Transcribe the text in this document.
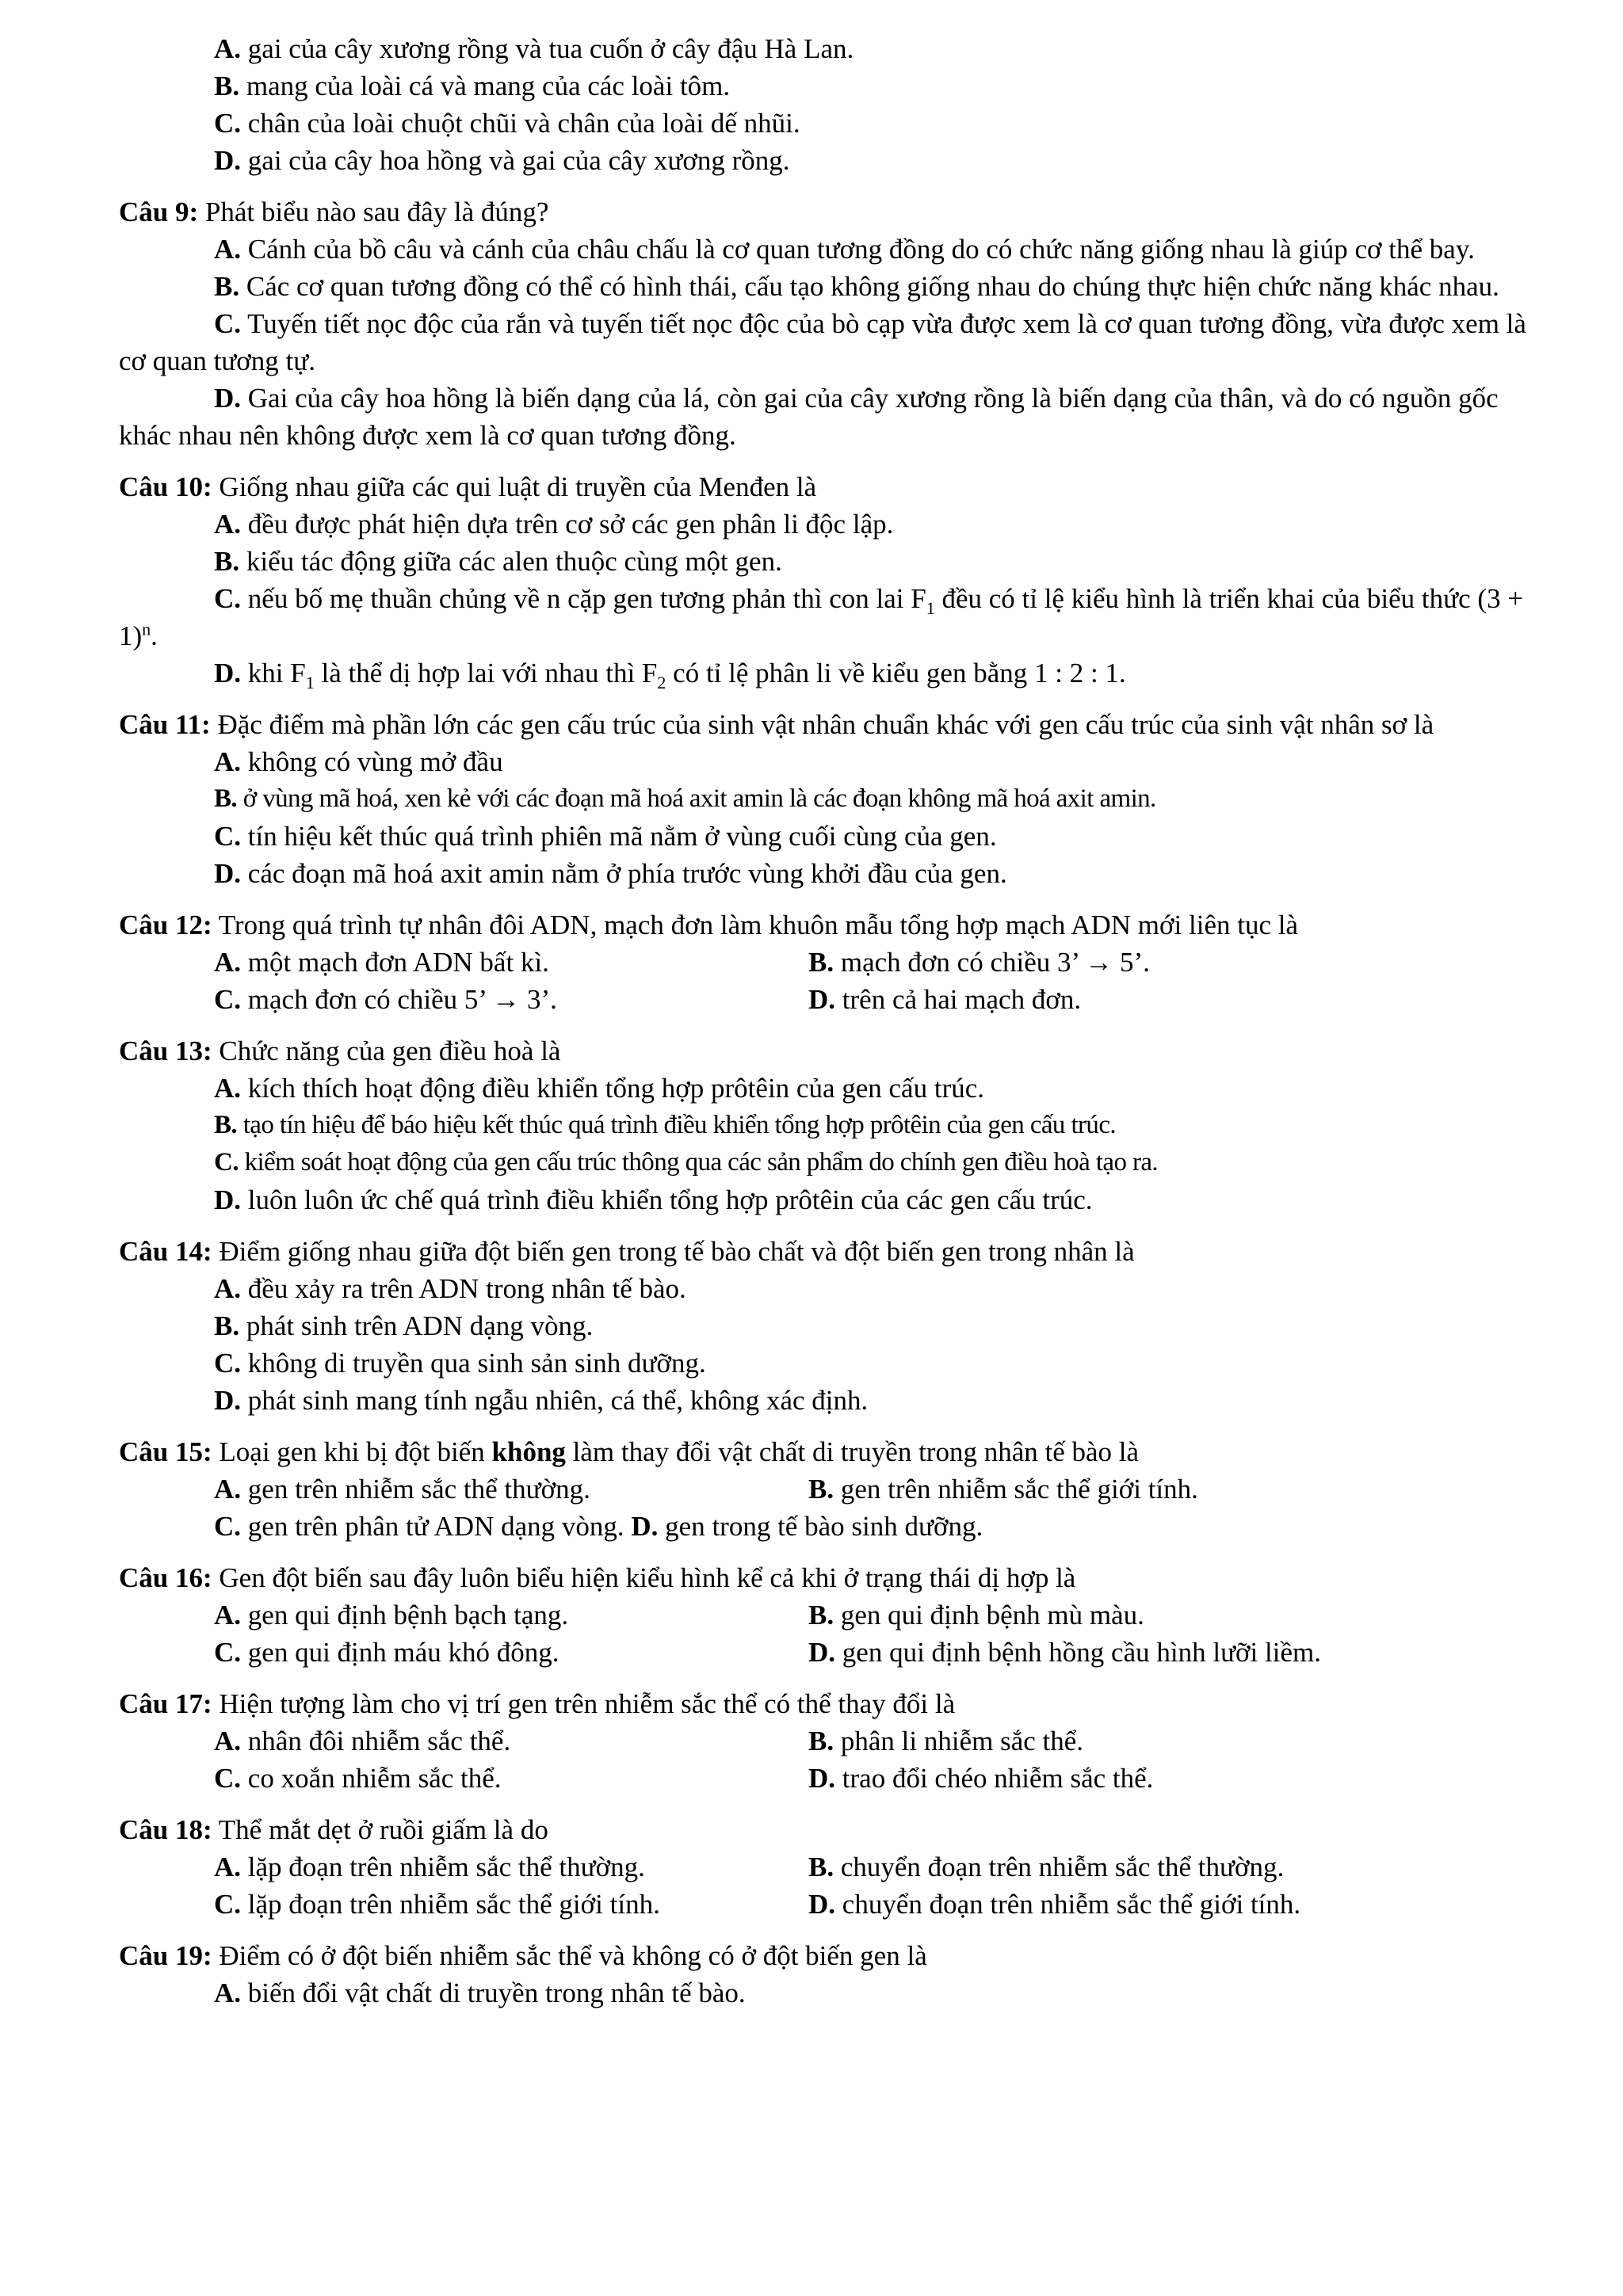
A. gai của cây xương rồng và tua cuốn ở cây đậu Hà Lan.
B. mang của loài cá và mang của các loài tôm.
C. chân của loài chuột chũi và chân của loài dế nhũi.
D. gai của cây hoa hồng và gai của cây xương rồng.
Câu 9: Phát biểu nào sau đây là đúng?
A. Cánh của bồ câu và cánh của châu chấu là cơ quan tương đồng do có chức năng giống nhau là giúp cơ thể bay.
B. Các cơ quan tương đồng có thể có hình thái, cấu tạo không giống nhau do chúng thực hiện chức năng khác nhau.
C. Tuyến tiết nọc độc của rắn và tuyến tiết nọc độc của bò cạp vừa được xem là cơ quan tương đồng, vừa được xem là cơ quan tương tự.
D. Gai của cây hoa hồng là biến dạng của lá, còn gai của cây xương rồng là biến dạng của thân, và do có nguồn gốc khác nhau nên không được xem là cơ quan tương đồng.
Câu 10: Giống nhau giữa các qui luật di truyền của Menđen là
A. đều được phát hiện dựa trên cơ sở các gen phân li độc lập.
B. kiểu tác động giữa các alen thuộc cùng một gen.
C. nếu bố mẹ thuần chủng về n cặp gen tương phản thì con lai $F_1$ đều có tỉ lệ kiểu hình là triển khai của biểu thức $(3 + 1)^n$.
D. khi $F_1$ là thể dị hợp lai với nhau thì $F_2$ có tỉ lệ phân li về kiểu gen bằng 1 : 2 : 1.
Câu 11: Đặc điểm mà phần lớn các gen cấu trúc của sinh vật nhân chuẩn khác với gen cấu trúc của sinh vật nhân sơ là
A. không có vùng mở đầu
B. ở vùng mã hoá, xen kẻ với các đoạn mã hoá axit amin là các đoạn không mã hoá axit amin.
C. tín hiệu kết thúc quá trình phiên mã nằm ở vùng cuối cùng của gen.
D. các đoạn mã hoá axit amin nằm ở phía trước vùng khởi đầu của gen.
Câu 12: Trong quá trình tự nhân đôi ADN, mạch đơn làm khuôn mẫu tổng hợp mạch ADN mới liên tục là
A. một mạch đơn ADN bất kì.	B. mạch đơn có chiều 3’ → 5’.
C. mạch đơn có chiều 5’ → 3’.	D. trên cả hai mạch đơn.
Câu 13: Chức năng của gen điều hoà là
A. kích thích hoạt động điều khiển tổng hợp prôtêin của gen cấu trúc.
B. tạo tín hiệu để báo hiệu kết thúc quá trình điều khiển tổng hợp prôtêin của gen cấu trúc.
C. kiểm soát hoạt động của gen cấu trúc thông qua các sản phẩm do chính gen điều hoà tạo ra.
D. luôn luôn ức chế quá trình điều khiển tổng hợp prôtêin của các gen cấu trúc.
Câu 14: Điểm giống nhau giữa đột biến gen trong tế bào chất và đột biến gen trong nhân là
A. đều xảy ra trên ADN trong nhân tế bào.
B. phát sinh trên ADN dạng vòng.
C. không di truyền qua sinh sản sinh dưỡng.
D. phát sinh mang tính ngẫu nhiên, cá thể, không xác định.
Câu 15: Loại gen khi bị đột biến không làm thay đổi vật chất di truyền trong nhân tế bào là
A. gen trên nhiễm sắc thể thường.	B. gen trên nhiễm sắc thể giới tính.
C. gen trên phân tử ADN dạng vòng. D. gen trong tế bào sinh dưỡng.
Câu 16: Gen đột biến sau đây luôn biểu hiện kiểu hình kể cả khi ở trạng thái dị hợp là
A. gen qui định bệnh bạch tạng.	B. gen qui định bệnh mù màu.
C. gen qui định máu khó đông.	D. gen qui định bệnh hồng cầu hình lưỡi liềm.
Câu 17: Hiện tượng làm cho vị trí gen trên nhiễm sắc thể có thể thay đổi là
A. nhân đôi nhiễm sắc thể.	B. phân li nhiễm sắc thể.
C. co xoắn nhiễm sắc thể.	D. trao đổi chéo nhiễm sắc thể.
Câu 18: Thể mắt dẹt ở ruồi giấm là do
A. lặp đoạn trên nhiễm sắc thể thường.	B. chuyển đoạn trên nhiễm sắc thể thường.
C. lặp đoạn trên nhiễm sắc thể giới tính.	D. chuyển đoạn trên nhiễm sắc thể giới tính.
Câu 19: Điểm có ở đột biến nhiễm sắc thể và không có ở đột biến gen là
A. biến đổi vật chất di truyền trong nhân tế bào.
